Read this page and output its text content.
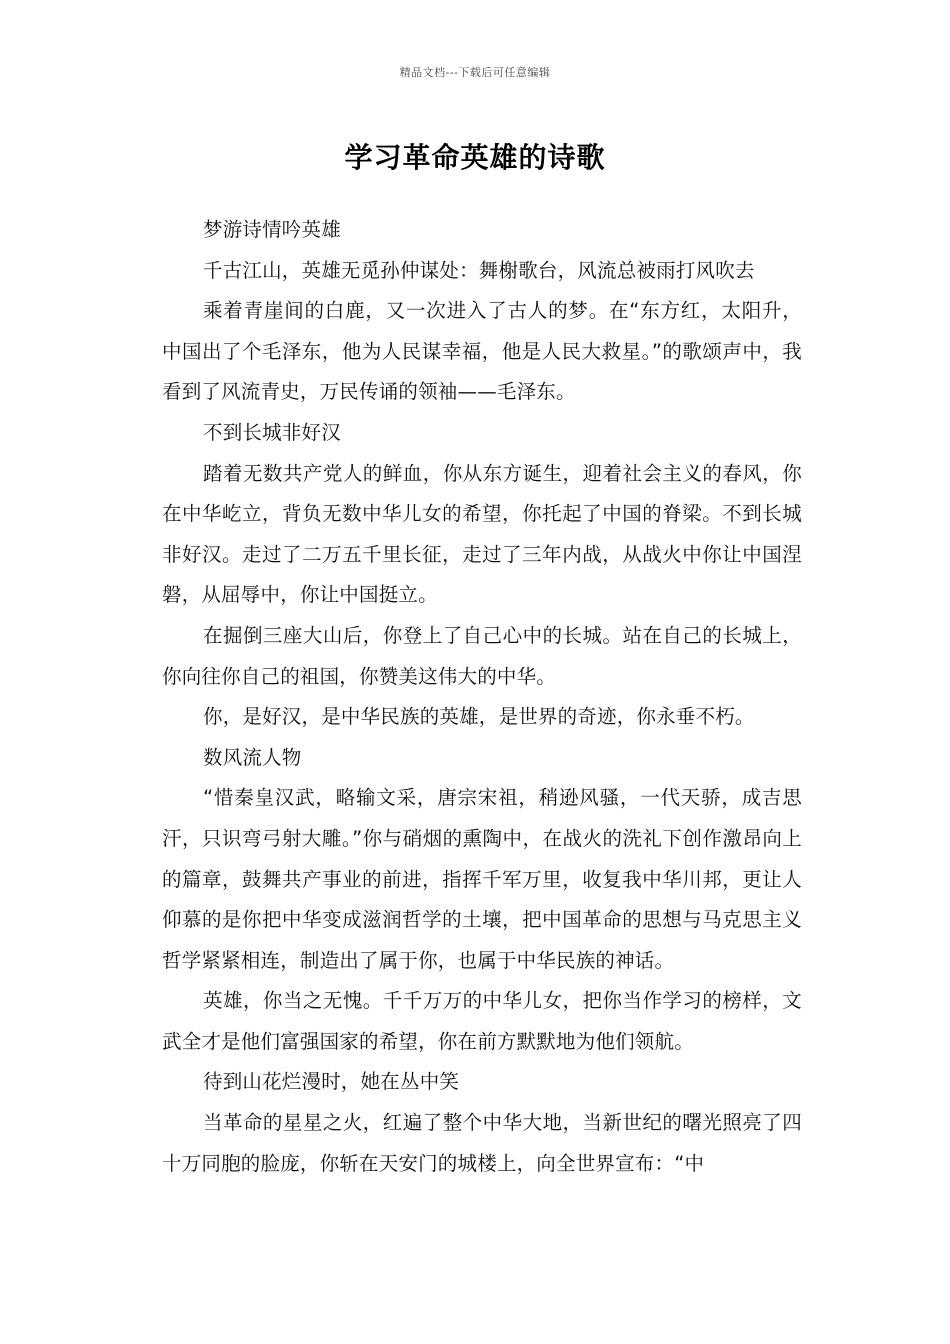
精品文档---下载后可任意编辑
学习革命英雄的诗歌

梦游诗情吟英雄

千古江山，英雄无觅孙仲谋处：舞榭歌台，风流总被雨打风吹去

乘着青崖间的白鹿，又一次进入了古人的梦。在“东方红，太阳升，中国出了个毛泽东，他为人民谋幸福，他是人民大救星。”的歌颂声中，我看到了风流青史，万民传诵的领袖——毛泽东。

不到长城非好汉

踏着无数共产党人的鲜血，你从东方诞生，迎着社会主义的春风，你在中华屹立，背负无数中华儿女的希望，你托起了中国的脊梁。不到长城非好汉。走过了二万五千里长征，走过了三年内战，从战火中你让中国涅磐，从屈辱中，你让中国挺立。

在掘倒三座大山后，你登上了自己心中的长城。站在自己的长城上，你向往你自己的祖国，你赞美这伟大的中华。

你，是好汉，是中华民族的英雄，是世界的奇迹，你永垂不朽。

数风流人物

“惜秦皇汉武，略输文采，唐宗宋祖，稍逊风骚，一代天骄，成吉思汗，只识弯弓射大雕。”你与硝烟的熏陶中，在战火的洗礼下创作激昂向上的篇章，鼓舞共产事业的前进，指挥千军万里，收复我中华川邦，更让人仰慕的是你把中华变成滋润哲学的土壤，把中国革命的思想与马克思主义哲学紧紧相连，制造出了属于你，也属于中华民族的神话。

英雄，你当之无愧。千千万万的中华儿女，把你当作学习的榜样，文武全才是他们富强国家的希望，你在前方默默地为他们领航。

待到山花烂漫时，她在丛中笑

当革命的星星之火，红遍了整个中华大地，当新世纪的曙光照亮了四十万同胞的脸庞，你斩在天安门的城楼上，向全世界宣布：“中
